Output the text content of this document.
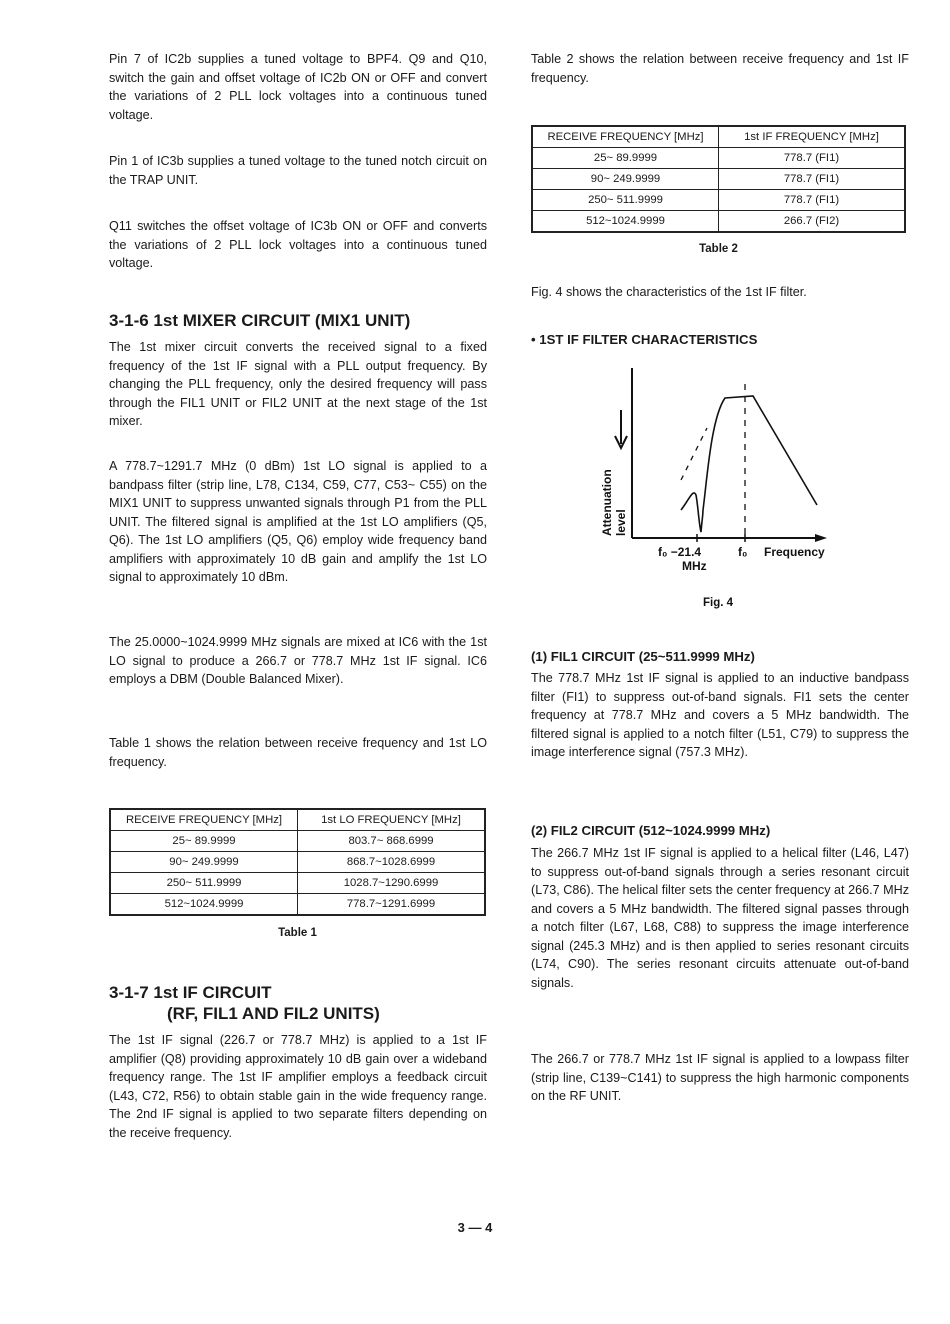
Pin 7 of IC2b supplies a tuned voltage to BPF4. Q9 and Q10, switch the gain and offset voltage of IC2b ON or OFF and convert the variations of 2 PLL lock voltages into a continuous tuned voltage.

Pin 1 of IC3b supplies a tuned voltage to the tuned notch circuit on the TRAP UNIT.

Q11 switches the offset voltage of IC3b ON or OFF and converts the variations of 2 PLL lock voltages into a continuous tuned voltage.

3-1-6 1st MIXER CIRCUIT (MIX1 UNIT)

The 1st mixer circuit converts the received signal to a fixed frequency of the 1st IF signal with a PLL output frequency. By changing the PLL frequency, only the desired frequency will pass through the FIL1 UNIT or FIL2 UNIT at the next stage of the 1st mixer.

A 778.7~1291.7 MHz (0 dBm) 1st LO signal is applied to a bandpass filter (strip line, L78, C134, C59, C77, C53~ C55) on the MIX1 UNIT to suppress unwanted signals through P1 from the PLL UNIT. The filtered signal is amplified at the 1st LO amplifiers (Q5, Q6). The 1st LO amplifiers (Q5, Q6) employ wide frequency band amplifiers with approximately 10 dB gain and amplify the 1st LO signal to approximately 10 dBm.

The 25.0000~1024.9999 MHz signals are mixed at IC6 with the 1st LO signal to produce a 266.7 or 778.7 MHz 1st IF signal. IC6 employs a DBM (Double Balanced Mixer).

Table 1 shows the relation between receive frequency and 1st LO frequency.

RECEIVE FREQUENCY [MHz]	1st LO FREQUENCY [MHz]
25~ 89.9999	803.7~ 868.6999
90~ 249.9999	868.7~1028.6999
250~ 511.9999	1028.7~1290.6999
512~1024.9999	778.7~1291.6999
Table 1
3-1-7 1st IF CIRCUIT
(RF, FIL1 AND FIL2 UNITS)

The 1st IF signal (226.7 or 778.7 MHz) is applied to a 1st IF amplifier (Q8) providing approximately 10 dB gain over a wideband frequency range. The 1st IF amplifier employs a feedback circuit (L43, C72, R56) to obtain stable gain in the wide frequency range. The 2nd IF signal is applied to two separate filters depending on the receive frequency.

Table 2 shows the relation between receive frequency and 1st IF frequency.

RECEIVE FREQUENCY [MHz]	1st IF FREQUENCY [MHz]
25~ 89.9999	778.7 (FI1)
90~ 249.9999	778.7 (FI1)
250~ 511.9999	778.7 (FI1)
512~1024.9999	266.7 (FI2)
Table 2

Fig. 4 shows the characteristics of the 1st IF filter.

• 1ST IF FILTER CHARACTERISTICS
Attenuation level
f₀ −21.4
MHz
f₀ Frequency
Fig. 4
(1) FIL1 CIRCUIT (25~511.9999 MHz)

The 778.7 MHz 1st IF signal is applied to an inductive bandpass filter (FI1) to suppress out-of-band signals. FI1 sets the center frequency at 778.7 MHz and covers a 5 MHz bandwidth. The filtered signal is applied to a notch filter (L51, C79) to suppress the image interference signal (757.3 MHz).

(2) FIL2 CIRCUIT (512~1024.9999 MHz)

The 266.7 MHz 1st IF signal is applied to a helical filter (L46, L47) to suppress out-of-band signals through a series resonant circuit (L73, C86). The helical filter sets the center frequency at 266.7 MHz and covers a 5 MHz bandwidth. The filtered signal passes through a notch filter (L67, L68, C88) to suppress the image interference signal (245.3 MHz) and is then applied to series resonant circuits (L74, C90). The series resonant circuits attenuate out-of-band signals.

The 266.7 or 778.7 MHz 1st IF signal is applied to a lowpass filter (strip line, C139~C141) to suppress the high harmonic components on the RF UNIT.

3 — 4
